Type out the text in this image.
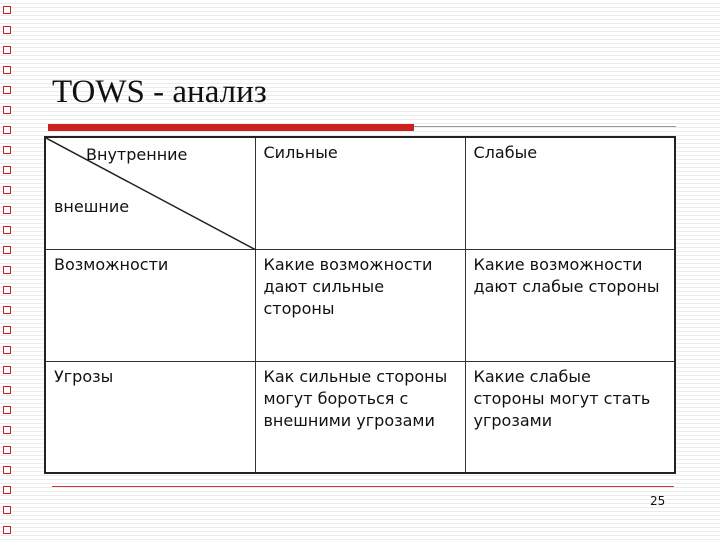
TOWS - анализ
Внутренние
внешние	Сильные	Слабые
Возможности	Какие возможности дают сильные стороны	Какие возможности дают слабые стороны
Угрозы	Как сильные стороны могут бороться с внешними угрозами	Какие слабые стороны могут стать угрозами
25
